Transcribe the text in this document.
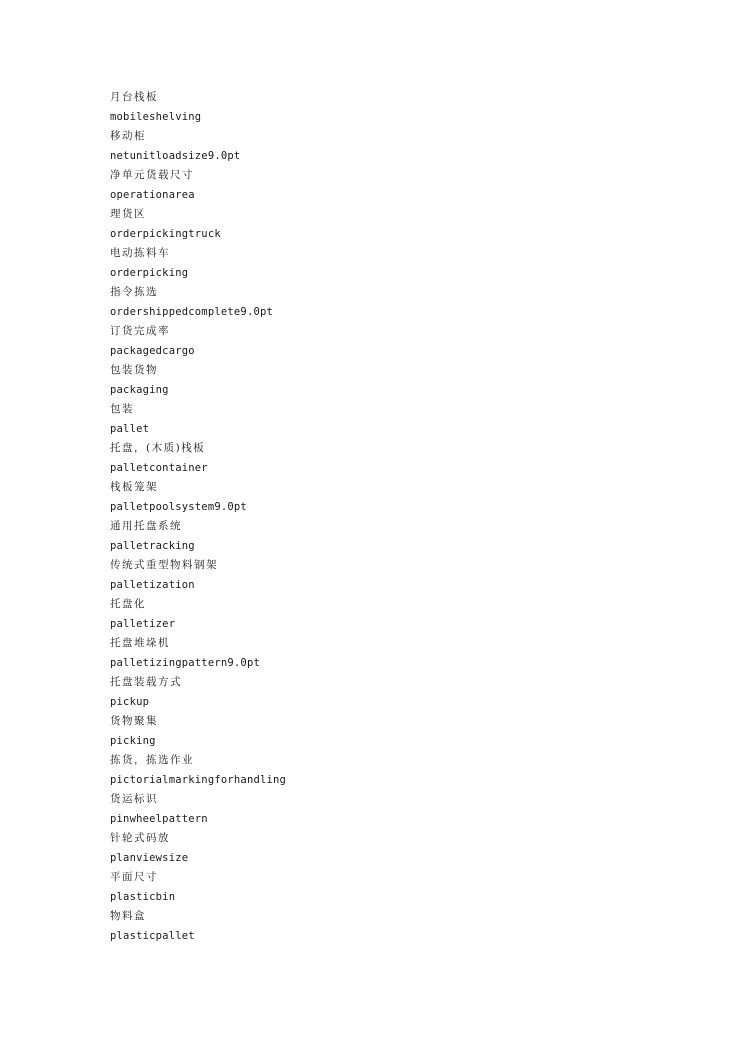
月台栈板
mobileshelving
移动柜
netunitloadsize9.0pt
净单元货载尺寸
operationarea
理货区
orderpickingtruck
电动拣料车
orderpicking
指令拣选
ordershippedcomplete9.0pt
订货完成率
packagedcargo
包装货物
packaging
包装
pallet
托盘，(木质)栈板
palletcontainer
栈板笼架
palletpoolsystem9.0pt
通用托盘系统
palletracking
传统式重型物料钢架
palletization
托盘化
palletizer
托盘堆垛机
palletizingpattern9.0pt
托盘装载方式
pickup
货物聚集
picking
拣货，拣选作业
pictorialmarkingforhandling
货运标识
pinwheelpattern
针轮式码放
planviewsize
平面尺寸
plasticbin
物料盒
plasticpallet
